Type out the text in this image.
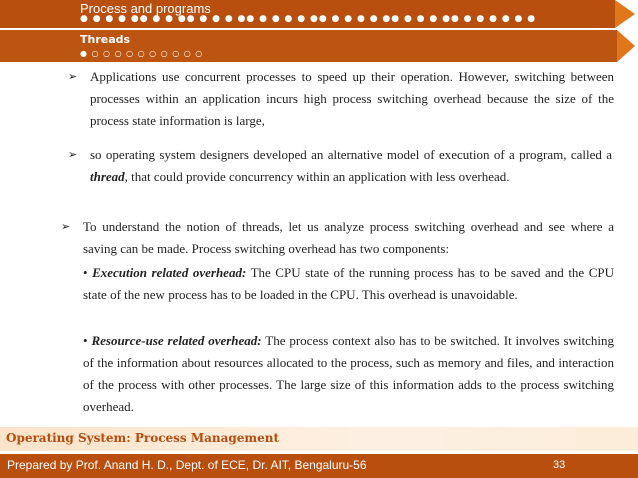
Process and programs
● ● ● ● ●● ● ● ●● ● ● ● ●● ● ● ● ● ●● ● ● ● ● ●● ● ● ● ●● ● ● ● ● ● ●
Threads
● ○ ○ ○ ○ ○ ○ ○ ○ ○ ○
➢ Applications use concurrent processes to speed up their operation. However, switching between processes within an application incurs high process switching overhead because the size of the process state information is large,
➢ so operating system designers developed an alternative model of execution of a program, called a thread, that could provide concurrency within an application with less overhead.
➢ To understand the notion of threads, let us analyze process switching overhead and see where a saving can be made. Process switching overhead has two components:
• Execution related overhead: The CPU state of the running process has to be saved and the CPU state of the new process has to be loaded in the CPU. This overhead is unavoidable.
• Resource-use related overhead: The process context also has to be switched. It involves switching of the information about resources allocated to the process, such as memory and files, and interaction of the process with other processes. The large size of this information adds to the process switching overhead.
Operating System: Process Management
Prepared by Prof. Anand H. D., Dept. of ECE, Dr. AIT, Bengaluru-56	33
